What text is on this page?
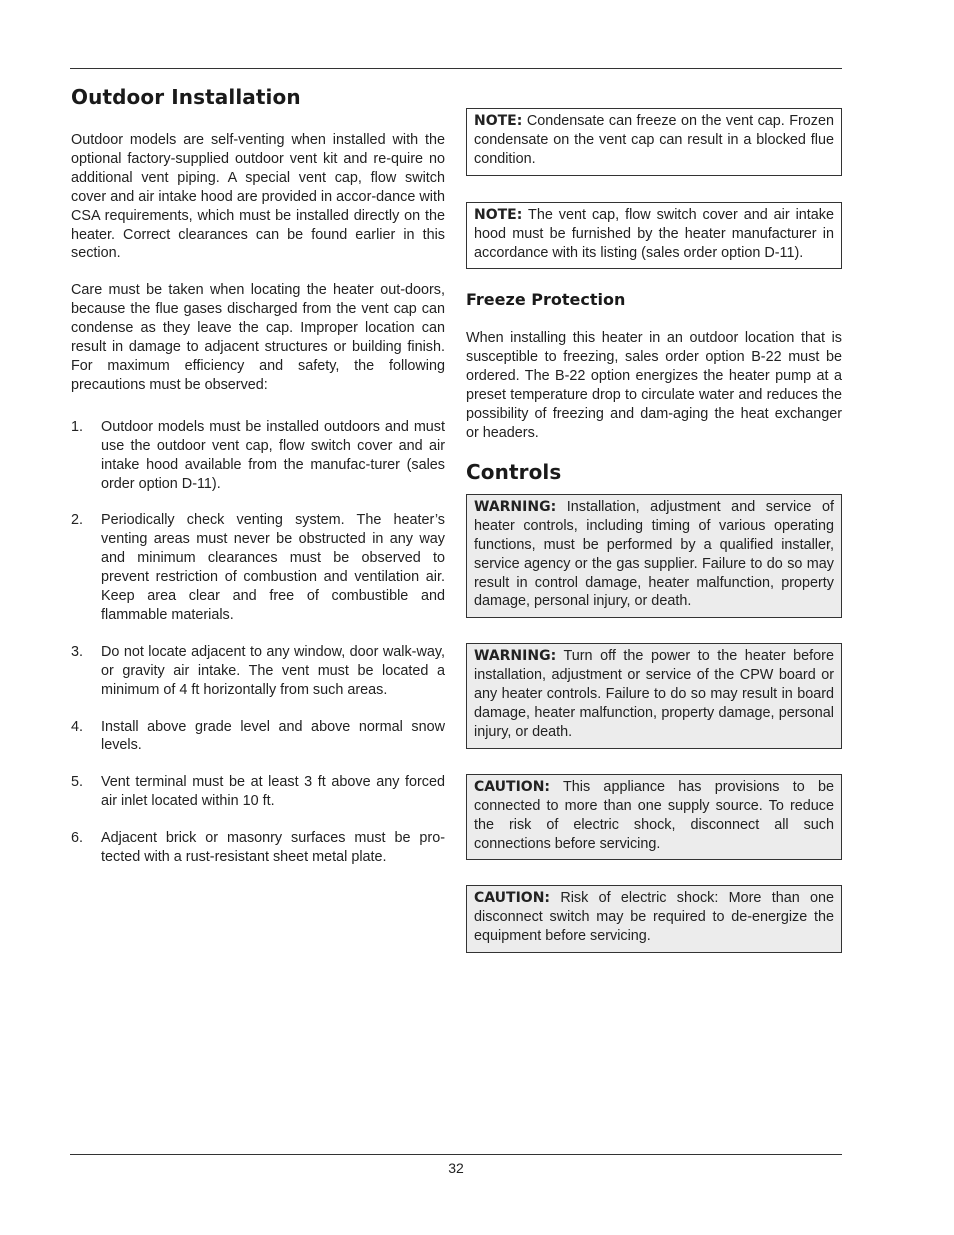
Outdoor Installation

Outdoor models are self-venting when installed with the optional factory-supplied outdoor vent kit and re-quire no additional vent piping. A special vent cap, flow switch cover and air intake hood are provided in accor-dance with CSA requirements, which must be installed directly on the heater. Correct clearances can be found earlier in this section.

Care must be taken when locating the heater out-doors, because the flue gases discharged from the vent cap can condense as they leave the cap. Improper location can result in damage to adjacent structures or building finish. For maximum efficiency and safety, the following precautions must be observed:

1. Outdoor models must be installed outdoors and must use the outdoor vent cap, flow switch cover and air intake hood available from the manufac-turer (sales order option D-11).
2. Periodically check venting system. The heater’s venting areas must never be obstructed in any way and minimum clearances must be observed to prevent restriction of combustion and ventilation air. Keep area clear and free of combustible and flammable materials.
3. Do not locate adjacent to any window, door walk-way, or gravity air intake. The vent must be located a minimum of 4 ft horizontally from such areas.
4. Install above grade level and above normal snow levels.
5. Vent terminal must be at least 3 ft above any forced air inlet located within 10 ft.
6. Adjacent brick or masonry surfaces must be pro-tected with a rust-resistant sheet metal plate.
NOTE: Condensate can freeze on the vent cap. Frozen condensate on the vent cap can result in a blocked flue condition.
NOTE: The vent cap, flow switch cover and air intake hood must be furnished by the heater manufacturer in accordance with its listing (sales order option D-11).
Freeze Protection

When installing this heater in an outdoor location that is susceptible to freezing, sales order option B-22 must be ordered. The B-22 option energizes the heater pump at a preset temperature drop to circulate water and reduces the possibility of freezing and dam-aging the heat exchanger or headers.

Controls
WARNING: Installation, adjustment and service of heater controls, including timing of various operating functions, must be performed by a qualified installer, service agency or the gas supplier. Failure to do so may result in control damage, heater malfunction, property damage, personal injury, or death.
WARNING: Turn off the power to the heater before installation, adjustment or service of the CPW board or any heater controls. Failure to do so may result in board damage, heater malfunction, property damage, personal injury, or death.
CAUTION: This appliance has provisions to be connected to more than one supply source. To reduce the risk of electric shock, disconnect all such connections before servicing.
CAUTION: Risk of electric shock: More than one disconnect switch may be required to de-energize the equipment before servicing.
32
